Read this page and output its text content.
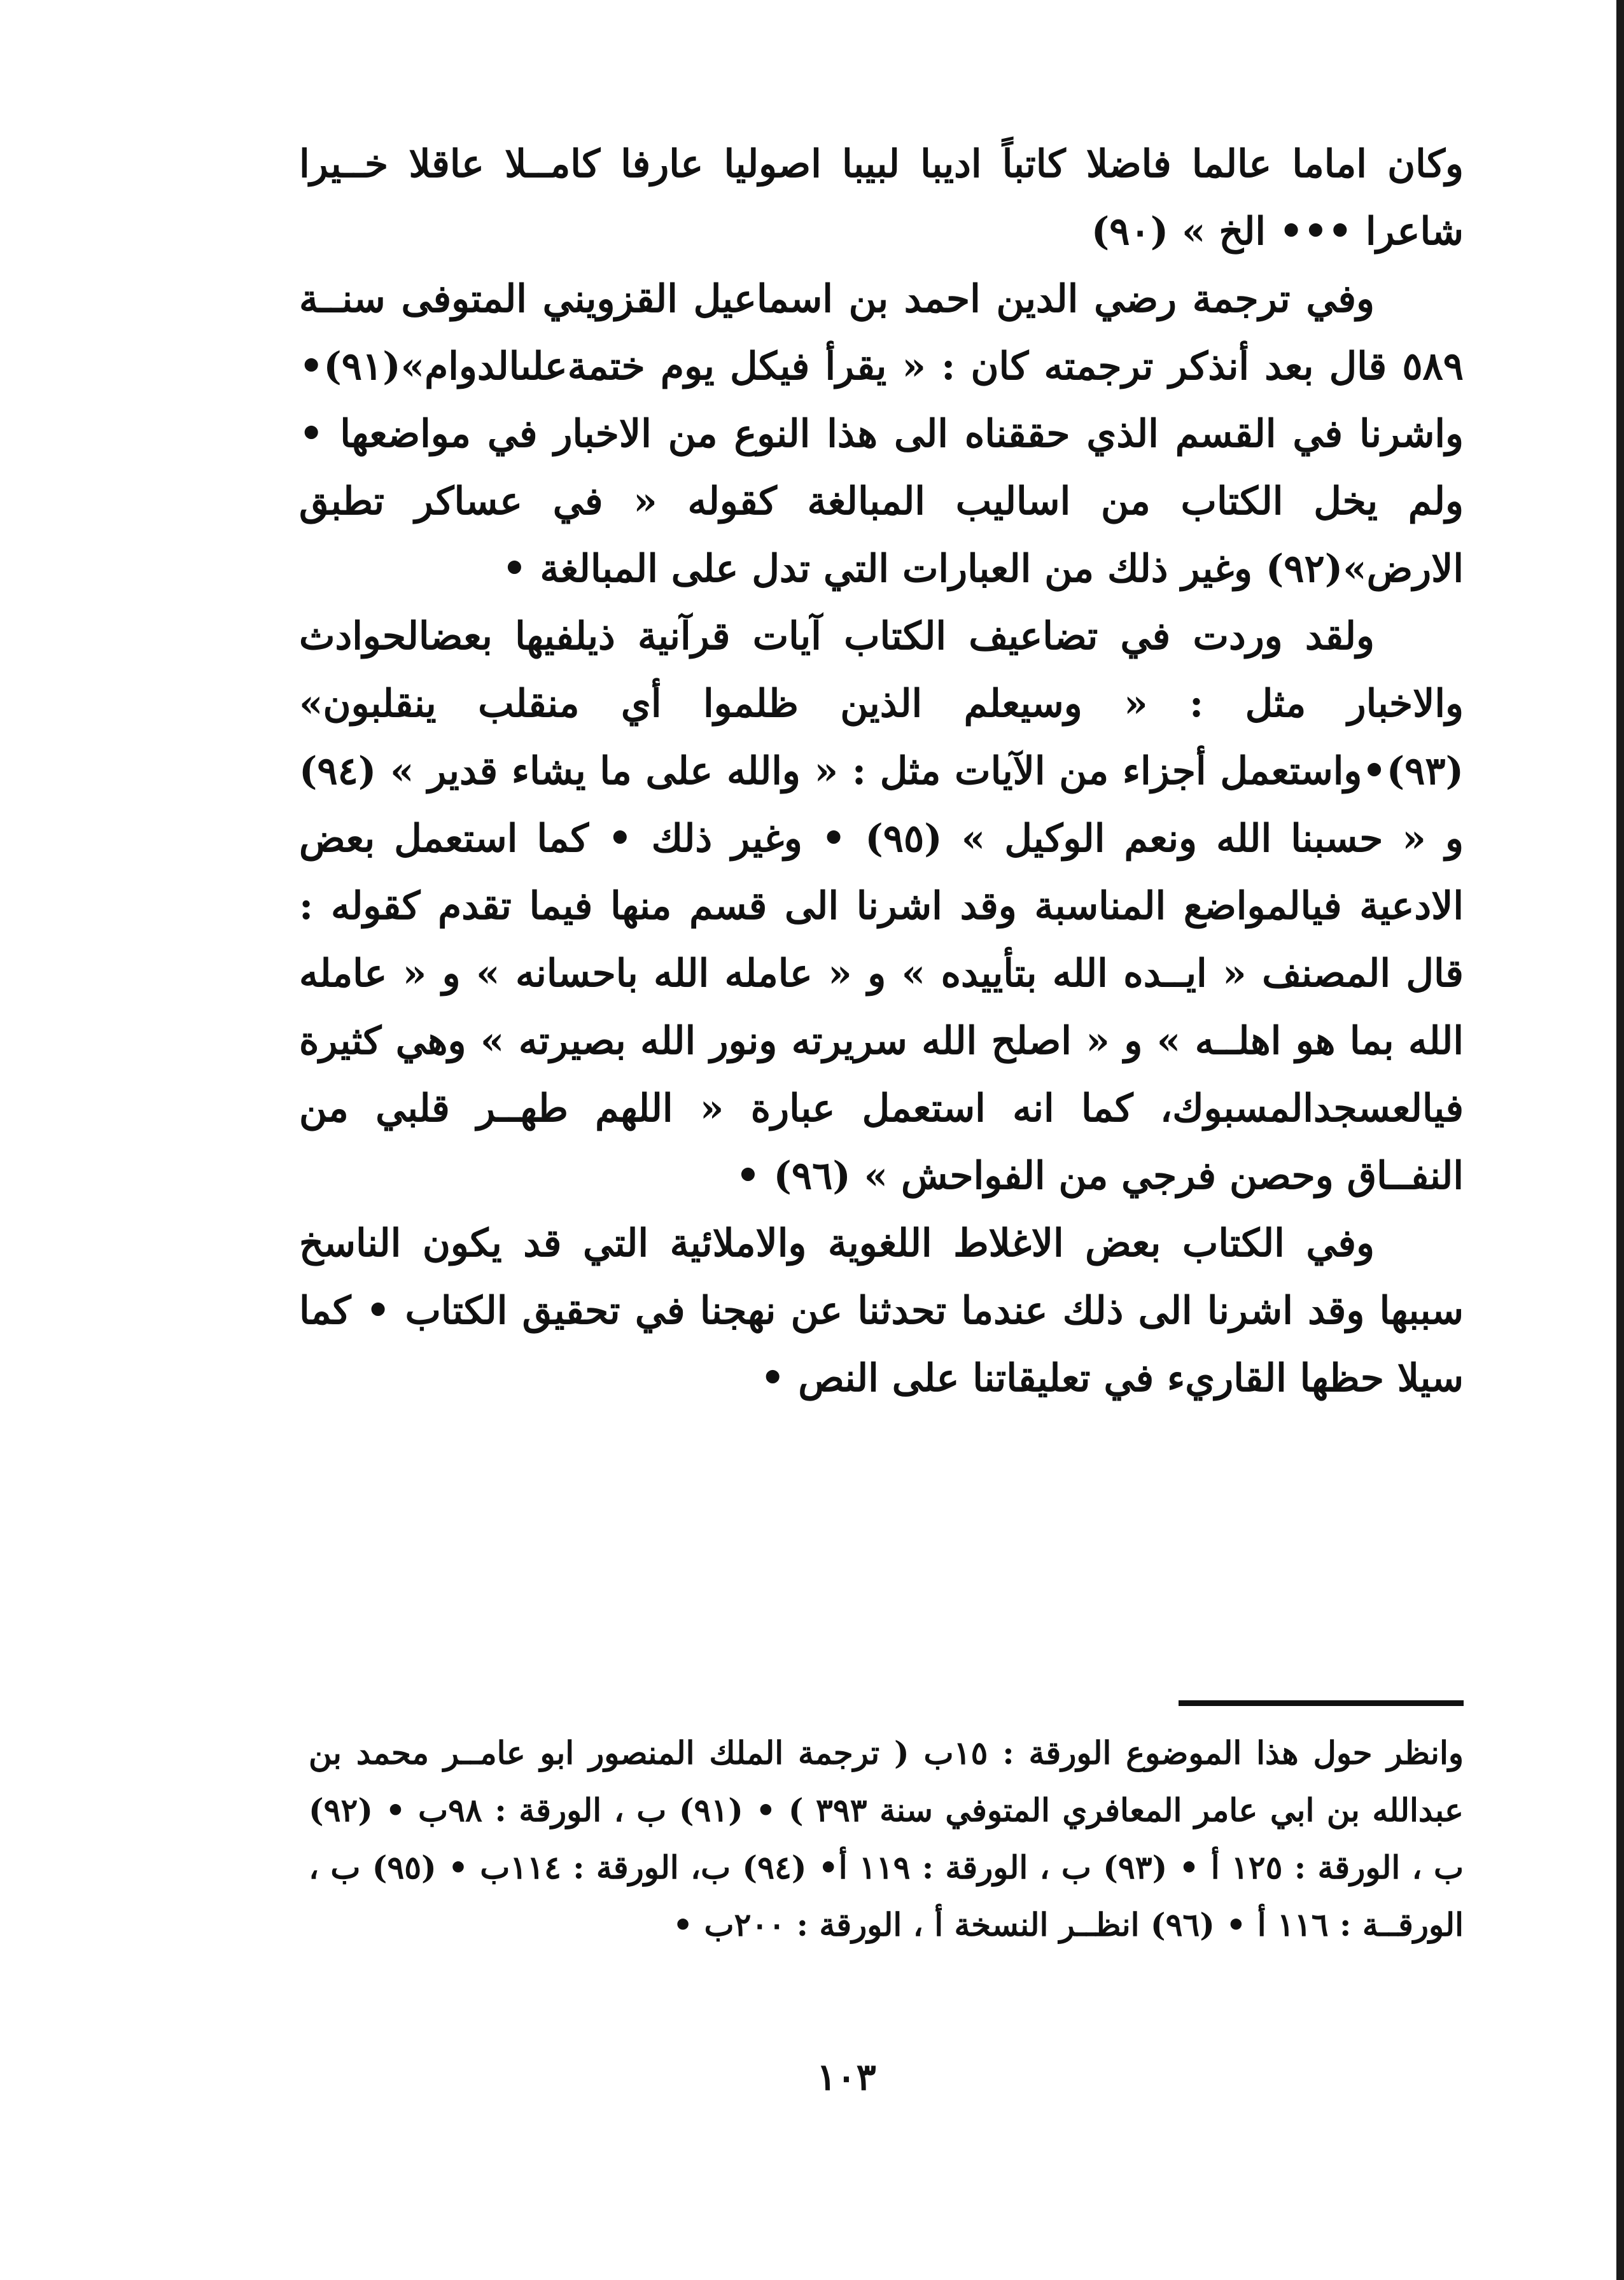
وكان اماما عالما فاضلا كاتباً اديبا لبيبا اصوليا عارفا كامــلا عاقلا خــيرا شاعرا ••• الخ » (٩٠)

وفي ترجمة رضي الدين احمد بن اسماعيل القزويني المتوفى سنــة ٥٨٩ قال بعد أنذكر ترجمته كان : « يقرأ فيكل يوم ختمةعلىالدوام»(٩١)• واشرنا في القسم الذي حققناه الى هذا النوع من الاخبار في مواضعها • ولم يخل الكتاب من اساليب المبالغة كقوله « في عساكر تطبق الارض»(٩٢) وغير ذلك من العبارات التي تدل على المبالغة •

ولقد وردت في تضاعيف الكتاب آيات قرآنية ذيلفيها بعضالحوادث والاخبار مثل : « وسيعلم الذين ظلموا أي منقلب ينقلبون» (٩٣)•واستعمل أجزاء من الآيات مثل : « والله على ما يشاء قدير » (٩٤) و « حسبنا الله ونعم الوكيل » (٩٥) • وغير ذلك • كما استعمل بعض الادعية فيالمواضع المناسبة وقد اشرنا الى قسم منها فيما تقدم كقوله : قال المصنف « ايــده الله بتأييده » و « عامله الله باحسانه » و « عامله الله بما هو اهلــه » و « اصلح الله سريرته ونور الله بصيرته » وهي كثيرة فيالعسجدالمسبوك، كما انه استعمل عبارة « اللهم طهــر قلبي من النفــاق وحصن فرجي من الفواحش » (٩٦) •

وفي الكتاب بعض الاغلاط اللغوية والاملائية التي قد يكون الناسخ سببها وقد اشرنا الى ذلك عندما تحدثنا عن نهجنا في تحقيق الكتاب • كما سيلا حظها القاريء في تعليقاتنا على النص •

وانظر حول هذا الموضوع الورقة : ١٥ب ( ترجمة الملك المنصور ابو عامــر محمد بن عبدالله بن ابي عامر المعافري المتوفي سنة ٣٩٣ ) • (٩١) ب ، الورقة : ٩٨ب • (٩٢) ب ، الورقة : ١٢٥ أ • (٩٣) ب ، الورقة : ١١٩ أ• (٩٤) ب، الورقة : ١١٤ب • (٩٥) ب ، الورقــة : ١١٦ أ • (٩٦) انظــر النسخة أ ، الورقة : ٢٠٠ب •

١٠٣
